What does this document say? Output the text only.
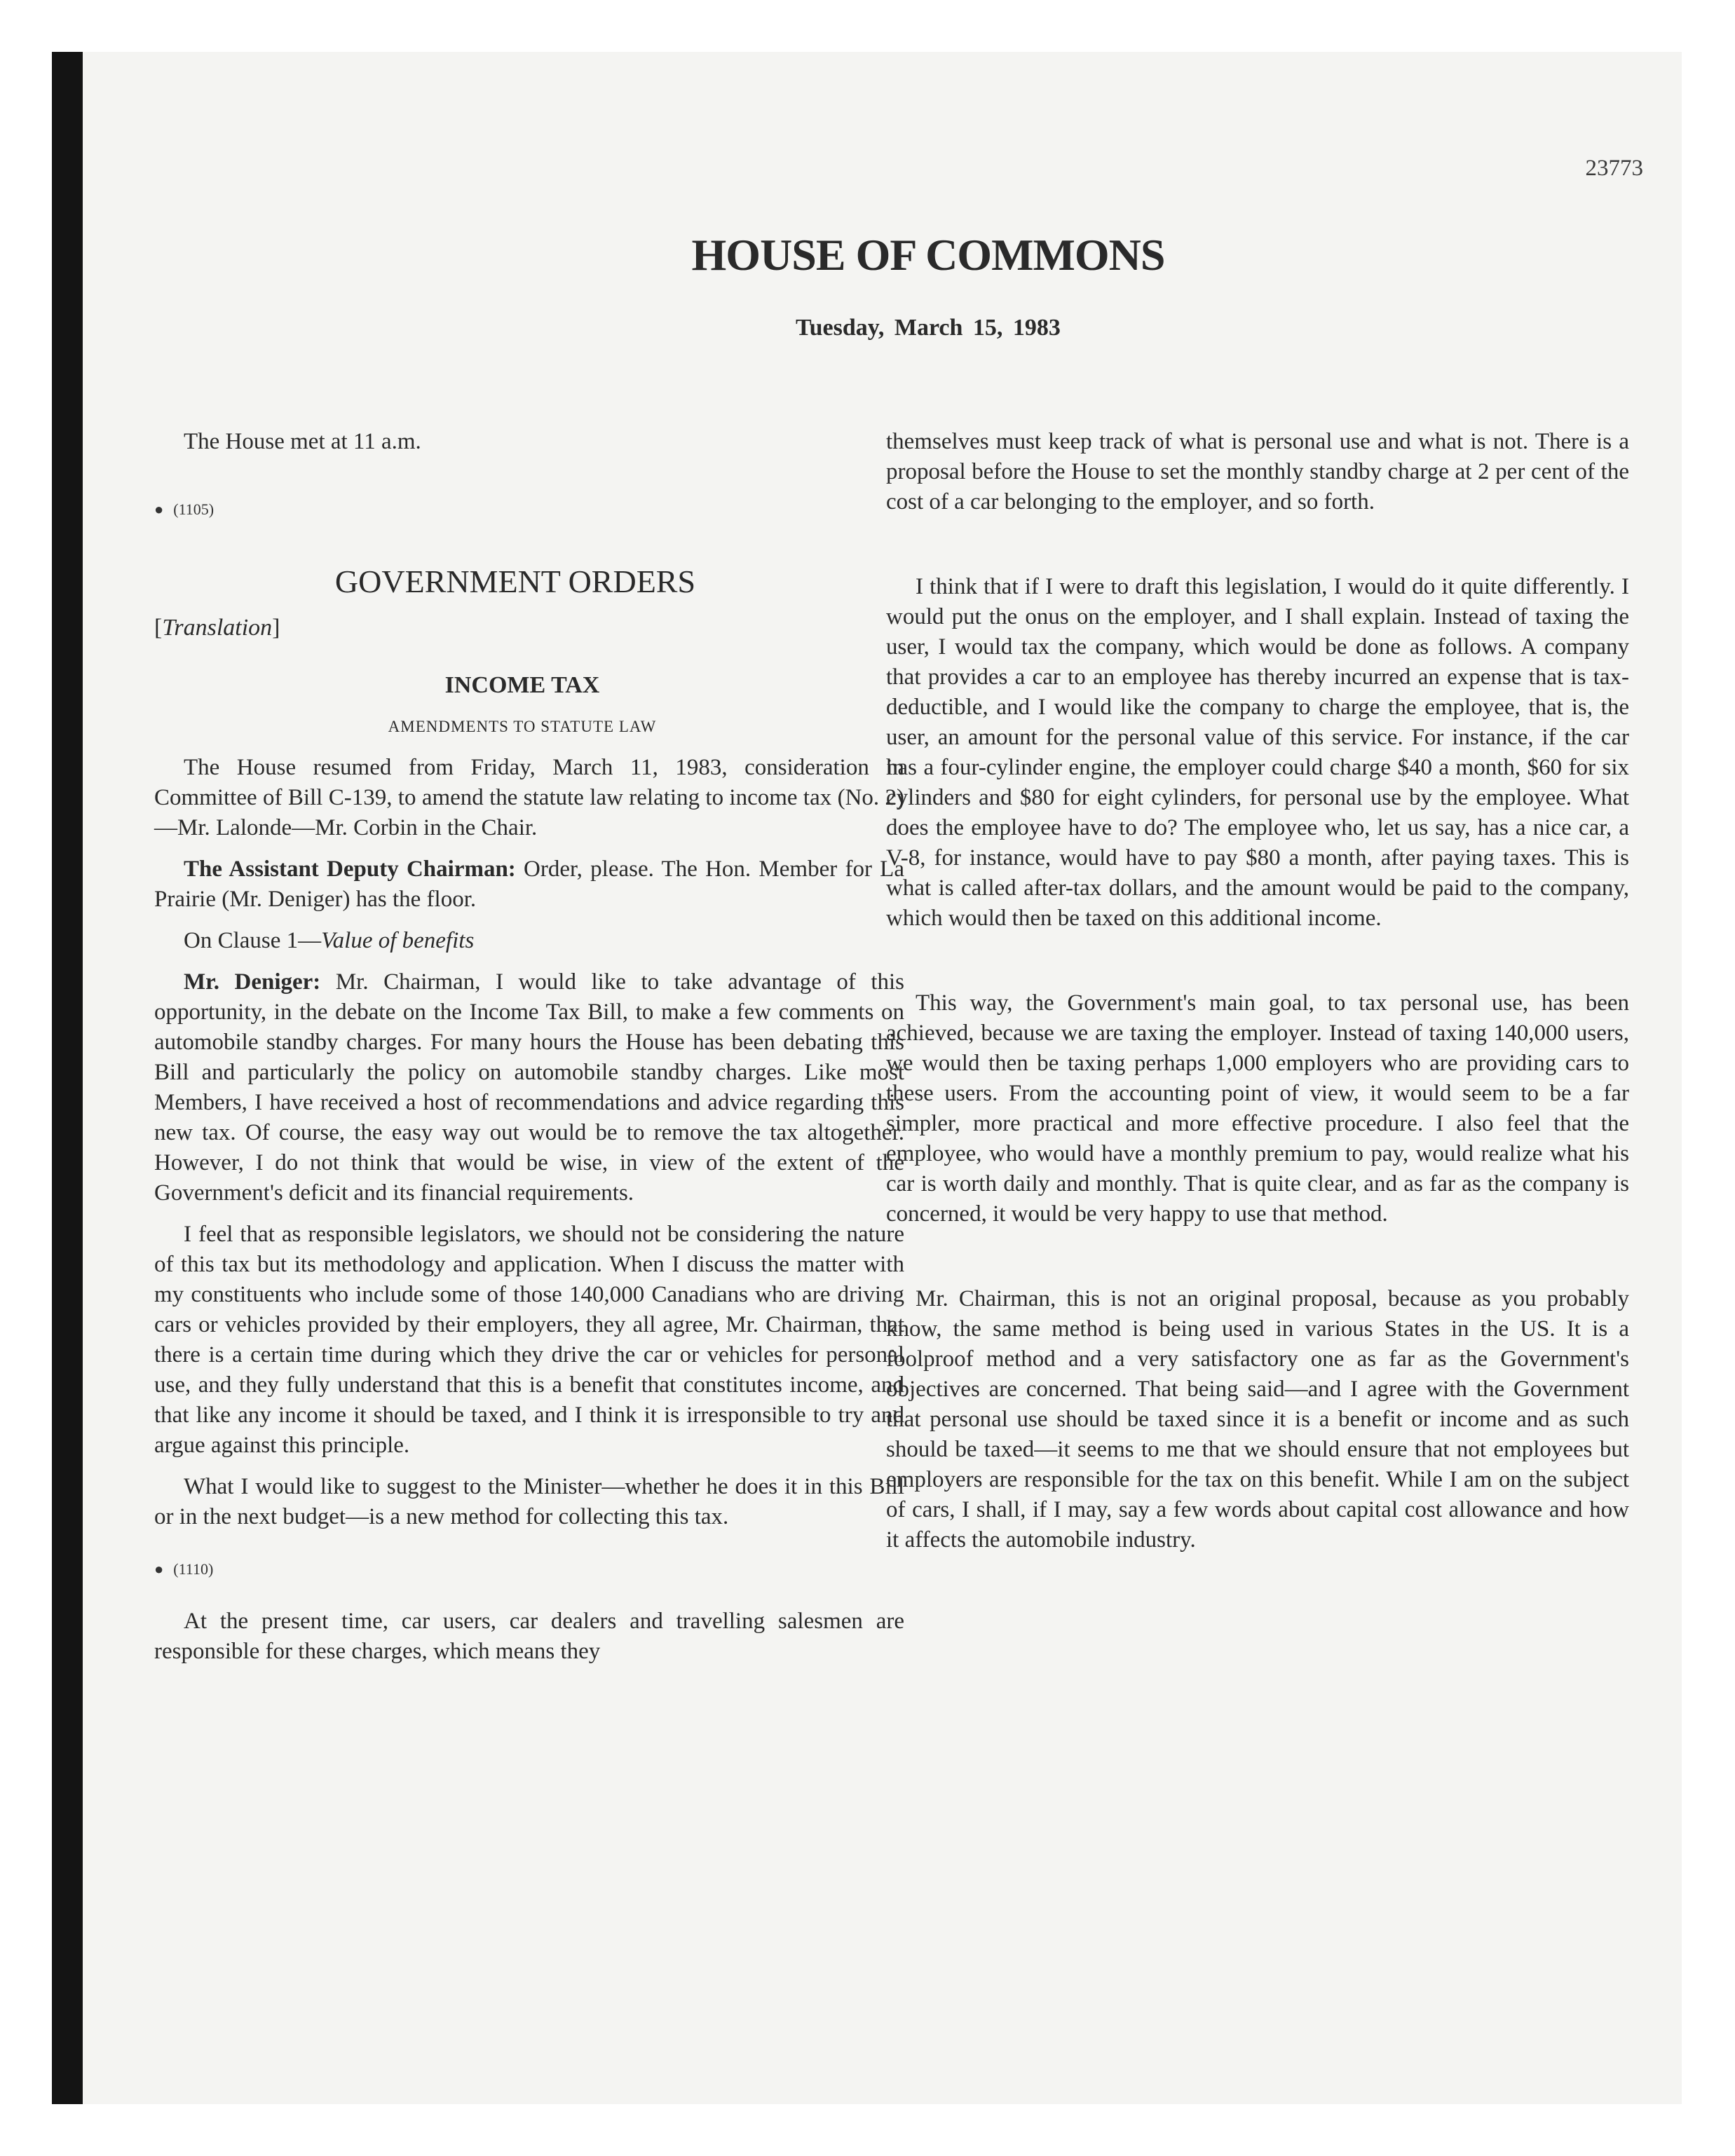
23773
HOUSE OF COMMONS
Tuesday, March 15, 1983

The House met at 11 a.m.

● (1105)
GOVERNMENT ORDERS
[Translation]
INCOME TAX
AMENDMENTS TO STATUTE LAW

The House resumed from Friday, March 11, 1983, consideration in Committee of Bill C-139, to amend the statute law relating to income tax (No. 2)—Mr. Lalonde—Mr. Corbin in the Chair.

The Assistant Deputy Chairman: Order, please. The Hon. Member for La Prairie (Mr. Deniger) has the floor.

On Clause 1—Value of benefits

Mr. Deniger: Mr. Chairman, I would like to take advantage of this opportunity, in the debate on the Income Tax Bill, to make a few comments on automobile standby charges. For many hours the House has been debating this Bill and particularly the policy on automobile standby charges. Like most Members, I have received a host of recommendations and advice regarding this new tax. Of course, the easy way out would be to remove the tax altogether. However, I do not think that would be wise, in view of the extent of the Government's deficit and its financial requirements.

I feel that as responsible legislators, we should not be considering the nature of this tax but its methodology and application. When I discuss the matter with my constituents who include some of those 140,000 Canadians who are driving cars or vehicles provided by their employers, they all agree, Mr. Chairman, that there is a certain time during which they drive the car or vehicles for personal use, and they fully understand that this is a benefit that constitutes income, and that like any income it should be taxed, and I think it is irresponsible to try and argue against this principle.

What I would like to suggest to the Minister—whether he does it in this Bill or in the next budget—is a new method for collecting this tax.

● (1110)

At the present time, car users, car dealers and travelling salesmen are responsible for these charges, which means they

themselves must keep track of what is personal use and what is not. There is a proposal before the House to set the monthly standby charge at 2 per cent of the cost of a car belonging to the employer, and so forth.

I think that if I were to draft this legislation, I would do it quite differently. I would put the onus on the employer, and I shall explain. Instead of taxing the user, I would tax the company, which would be done as follows. A company that provides a car to an employee has thereby incurred an expense that is tax-deductible, and I would like the company to charge the employee, that is, the user, an amount for the personal value of this service. For instance, if the car has a four-cylinder engine, the employer could charge $40 a month, $60 for six cylinders and $80 for eight cylinders, for personal use by the employee. What does the employee have to do? The employee who, let us say, has a nice car, a V-8, for instance, would have to pay $80 a month, after paying taxes. This is what is called after-tax dollars, and the amount would be paid to the company, which would then be taxed on this additional income.

This way, the Government's main goal, to tax personal use, has been achieved, because we are taxing the employer. Instead of taxing 140,000 users, we would then be taxing perhaps 1,000 employers who are providing cars to these users. From the accounting point of view, it would seem to be a far simpler, more practical and more effective procedure. I also feel that the employee, who would have a monthly premium to pay, would realize what his car is worth daily and monthly. That is quite clear, and as far as the company is concerned, it would be very happy to use that method.

Mr. Chairman, this is not an original proposal, because as you probably know, the same method is being used in various States in the US. It is a foolproof method and a very satisfactory one as far as the Government's objectives are concerned. That being said—and I agree with the Government that personal use should be taxed since it is a benefit or income and as such should be taxed—it seems to me that we should ensure that not employees but employers are responsible for the tax on this benefit. While I am on the subject of cars, I shall, if I may, say a few words about capital cost allowance and how it affects the automobile industry.
